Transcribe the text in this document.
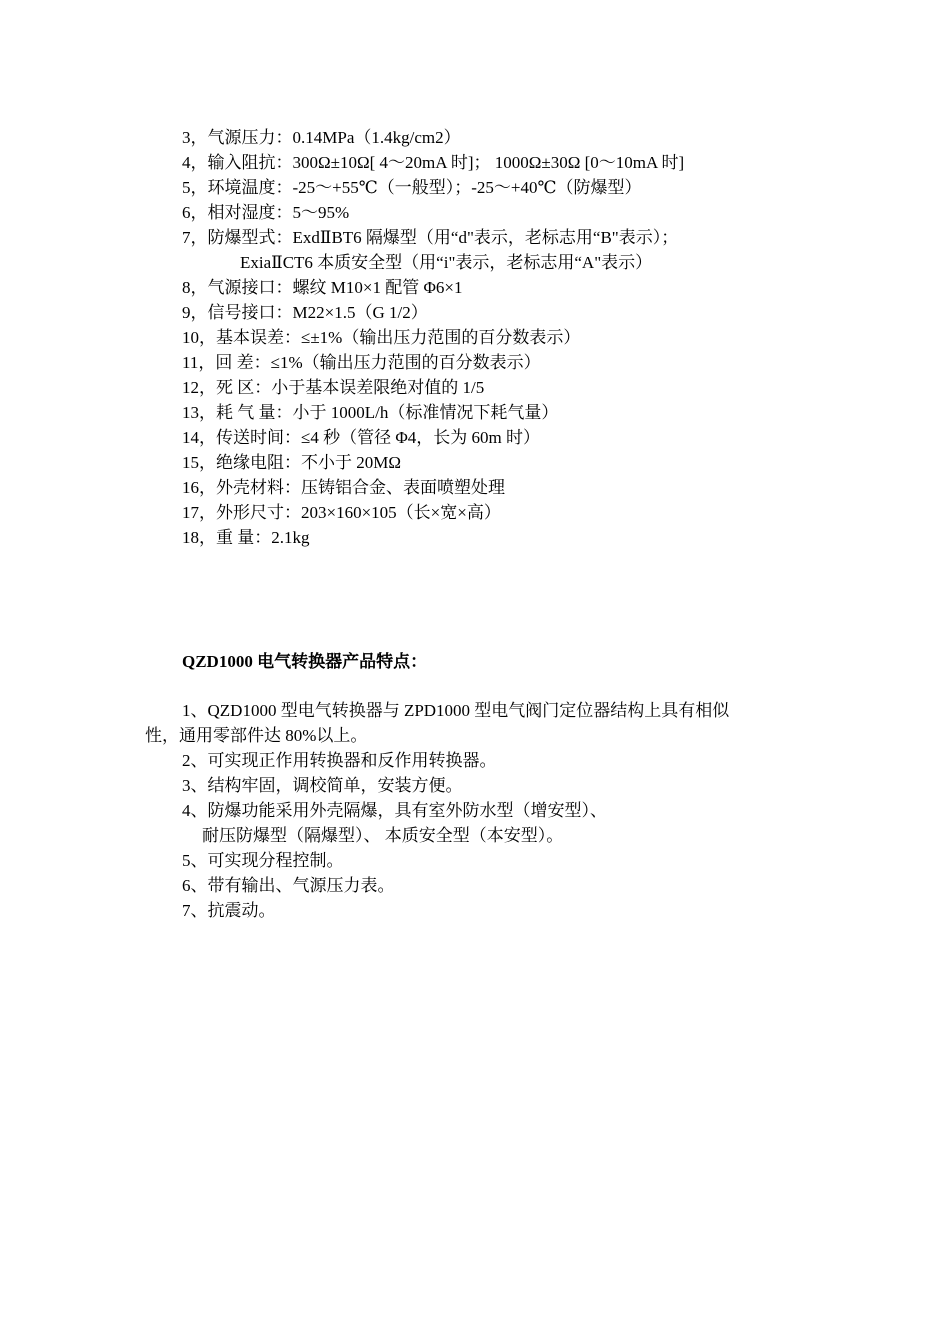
3，气源压力：0.14MPa（1.4kg/cm2）
4，输入阻抗：300Ω±10Ω[ 4～20mA 时]； 1000Ω±30Ω [0～10mA 时]
5，环境温度：-25～+55℃（一般型）；-25～+40℃（防爆型）
6，相对湿度：5～95%
7，防爆型式：ExdⅡBT6 隔爆型（用“d"表示，老标志用“B"表示）；
ExiaⅡCT6 本质安全型（用“i"表示，老标志用“A"表示）
8，气源接口：螺纹 M10×1 配管 Φ6×1
9，信号接口：M22×1.5（G 1/2）
10，基本误差：≤±1%（输出压力范围的百分数表示）
11，回 差：≤1%（输出压力范围的百分数表示）
12，死 区：小于基本误差限绝对值的 1/5
13，耗 气 量：小于 1000L/h（标准情况下耗气量）
14，传送时间：≤4 秒（管径 Φ4，长为 60m 时）
15，绝缘电阻：不小于 20MΩ
16，外壳材料：压铸铝合金、表面喷塑处理
17，外形尺寸：203×160×105（长×宽×高）
18，重 量：2.1kg
QZD1000 电气转换器产品特点：
1、QZD1000 型电气转换器与 ZPD1000 型电气阀门定位器结构上具有相似
性，通用零部件达 80%以上。
2、可实现正作用转换器和反作用转换器。
3、结构牢固，调校简单，安装方便。
4、防爆功能采用外壳隔爆，具有室外防水型（增安型）、
耐压防爆型（隔爆型）、 本质安全型（本安型）。
5、可实现分程控制。
6、带有输出、气源压力表。
7、抗震动。
